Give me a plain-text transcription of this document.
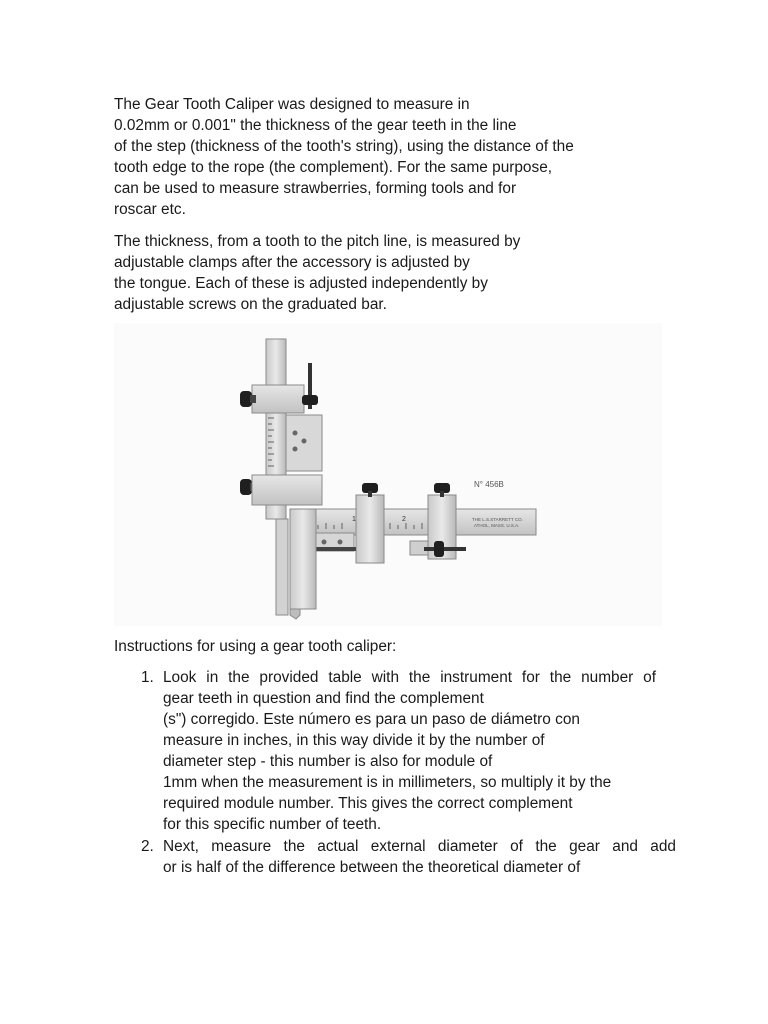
The Gear Tooth Caliper was designed to measure in
0.02mm or 0.001" the thickness of the gear teeth in the line
of the step (thickness of the tooth's string), using the distance of the
tooth edge to the rope (the complement). For the same purpose,
can be used to measure strawberries, forming tools and for
roscar etc.
The thickness, from a tooth to the pitch line, is measured by
adjustable clamps after the accessory is adjusted by
the tongue. Each of these is adjusted independently by
adjustable screws on the graduated bar.
1	2
N° 456B
THE L.S.STARRETT CO.
ATHOL, MASS. U.S.A.
Instructions for using a gear tooth caliper:
1. Look in the provided table with the instrument for the number of
gear teeth in question and find the complement
(s") corregido. Este número es para un paso de diámetro con
measure in inches, in this way divide it by the number of
diameter step - this number is also for module of
1mm when the measurement is in millimeters, so multiply it by the
required module number. This gives the correct complement
for this specific number of teeth.
2. Next, measure the actual external diameter of the gear and add
or is half of the difference between the theoretical diameter of
